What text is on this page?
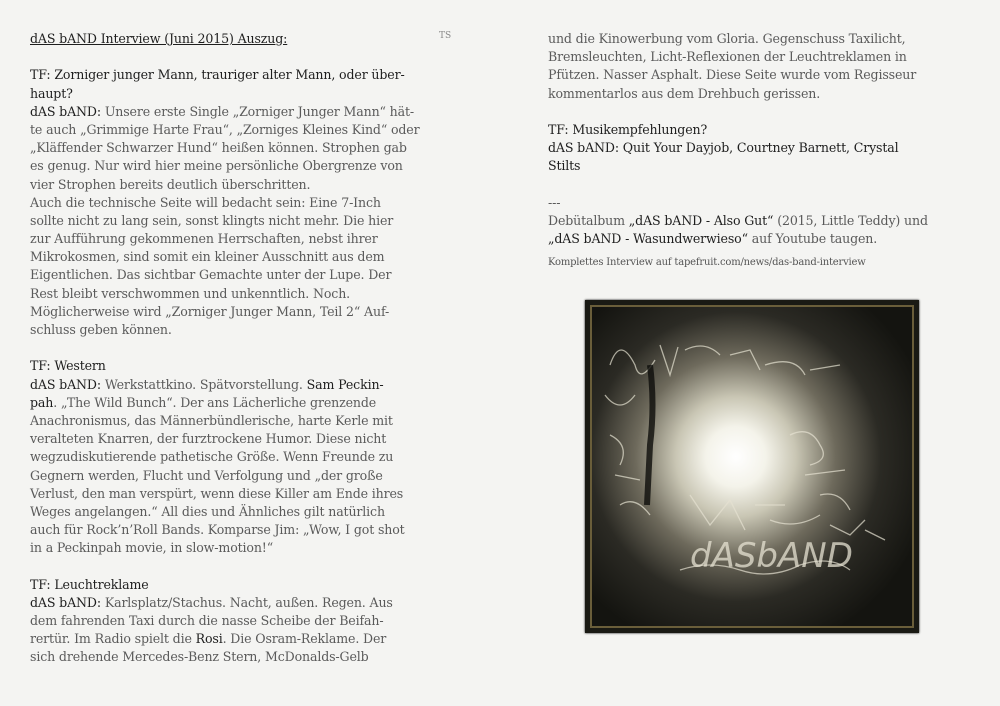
TS
dAS bAND Interview (Juni 2015) Auszug:
TF: Zorniger junger Mann, trauriger alter Mann, oder über-
haupt?
dAS bAND: Unsere erste Single „Zorniger Junger Mann“ hät-
te auch „Grimmige Harte Frau“, „Zorniges Kleines Kind“ oder
„Kläffender Schwarzer Hund“ heißen können. Strophen gab
es genug. Nur wird hier meine persönliche Obergrenze von
vier Strophen bereits deutlich überschritten.
Auch die technische Seite will bedacht sein: Eine 7-Inch
sollte nicht zu lang sein, sonst klingts nicht mehr. Die hier
zur Aufführung gekommenen Herrschaften, nebst ihrer
Mikrokosmen, sind somit ein kleiner Ausschnitt aus dem
Eigentlichen. Das sichtbar Gemachte unter der Lupe. Der
Rest bleibt verschwommen und unkenntlich. Noch.
Möglicherweise wird „Zorniger Junger Mann, Teil 2“ Auf-
schluss geben können.
TF: Western
dAS bAND: Werkstattkino. Spätvorstellung. Sam Peckin-
pah. „The Wild Bunch“. Der ans Lächerliche grenzende
Anachronismus, das Männerbündlerische, harte Kerle mit
veralteten Knarren, der furztrockene Humor. Diese nicht
wegzudiskutierende pathetische Größe. Wenn Freunde zu
Gegnern werden, Flucht und Verfolgung und „der große
Verlust, den man verspürt, wenn diese Killer am Ende ihres
Weges angelangen.“ All dies und Ähnliches gilt natürlich
auch für Rock’n’Roll Bands. Komparse Jim: „Wow, I got shot
in a Peckinpah movie, in slow-motion!“
TF: Leuchtreklame
dAS bAND: Karlsplatz/Stachus. Nacht, außen. Regen. Aus
dem fahrenden Taxi durch die nasse Scheibe der Beifah-
rertür. Im Radio spielt die Rosi. Die Osram-Reklame. Der
sich drehende Mercedes-Benz Stern, McDonalds-Gelb
und die Kinowerbung vom Gloria. Gegenschuss Taxilicht,
Bremsleuchten, Licht-Reflexionen der Leuchtreklamen in
Pfützen. Nasser Asphalt. Diese Seite wurde vom Regisseur
kommentarlos aus dem Drehbuch gerissen.
TF: Musikempfehlungen?
dAS bAND: Quit Your Dayjob, Courtney Barnett, Crystal
Stilts
---
Debütalbum „dAS bAND - Also Gut“ (2015, Little Teddy) und
„dAS bAND - Wasundwerwieso“ auf Youtube taugen.
Komplettes Interview auf tapefruit.com/news/das-band-interview
dASbAND
